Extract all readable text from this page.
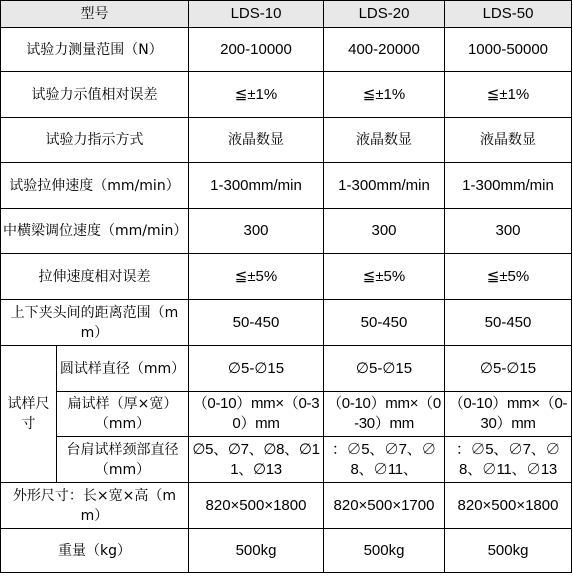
型号		LDS-10	LDS-20	LDS-50
试验力测量范围（N）		200-10000	400-20000	1000-50000
试验力示值相对误差		≦±1%	≦±1%	≦±1%
试验力指示方式		液晶数显	液晶数显	液晶数显
试验拉伸速度（mm/min）		1-300mm/min	1-300mm/min	1-300mm/min
中横梁调位速度（mm/min）		300	300	300
拉伸速度相对误差		≦±5%	≦±5%	≦±5%
上下夹头间的距离范围（mm）		50-450	50-450	50-450
试样尺寸	圆试样直径（mm）	∅5-∅15	∅5-∅15	∅5-∅15
	扁试样（厚×宽）（mm）	（0-10）mm×（0-30）mm	（0-10）mm×（0-30）mm	（0-10）mm×（0-30）mm
	台肩试样颈部直径（mm）	∅5、∅7、∅8、∅11、∅13	：∅5、∅7、∅8、∅11、	：∅5、∅7、∅8、∅11、∅13
外形尺寸：长×宽×高（mm）		820×500×1800	820×500×1700	820×500×1800
重量（kg）		500kg	500kg	500kg
